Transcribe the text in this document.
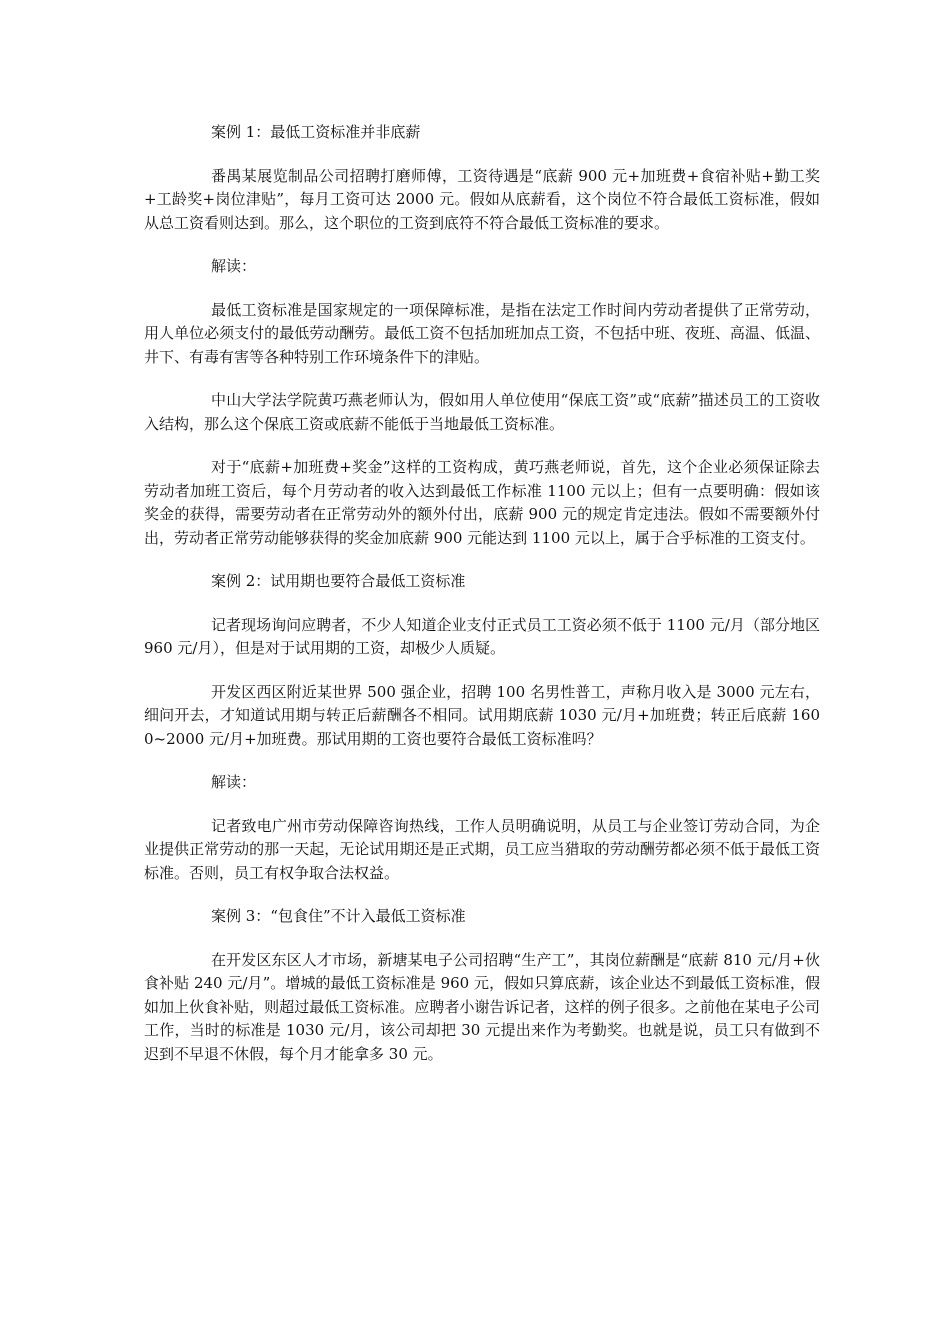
案例 1：最低工资标准并非底薪

番禺某展览制品公司招聘打磨师傅，工资待遇是“底薪 900 元+加班费+食宿补贴+勤工奖+工龄奖+岗位津贴”，每月工资可达 2000 元。假如从底薪看，这个岗位不符合最低工资标准，假如从总工资看则达到。那么，这个职位的工资到底符不符合最低工资标准的要求。

解读：

最低工资标准是国家规定的一项保障标准，是指在法定工作时间内劳动者提供了正常劳动，用人单位必须支付的最低劳动酬劳。最低工资不包括加班加点工资，不包括中班、夜班、高温、低温、井下、有毒有害等各种特别工作环境条件下的津贴。

中山大学法学院黄巧燕老师认为，假如用人单位使用“保底工资”或“底薪”描述员工的工资收入结构，那么这个保底工资或底薪不能低于当地最低工资标准。

对于“底薪+加班费+奖金”这样的工资构成，黄巧燕老师说，首先，这个企业必须保证除去劳动者加班工资后，每个月劳动者的收入达到最低工作标准 1100 元以上；但有一点要明确：假如该奖金的获得，需要劳动者在正常劳动外的额外付出，底薪 900 元的规定肯定违法。假如不需要额外付出，劳动者正常劳动能够获得的奖金加底薪 900 元能达到 1100 元以上，属于合乎标准的工资支付。

案例 2：试用期也要符合最低工资标准

记者现场询问应聘者，不少人知道企业支付正式员工工资必须不低于 1100 元/月（部分地区 960 元/月），但是对于试用期的工资，却极少人质疑。

开发区西区附近某世界 500 强企业，招聘 100 名男性普工，声称月收入是 3000 元左右，细问开去，才知道试用期与转正后薪酬各不相同。试用期底薪 1030 元/月+加班费；转正后底薪 1600~2000 元/月+加班费。那试用期的工资也要符合最低工资标准吗？

解读：

记者致电广州市劳动保障咨询热线，工作人员明确说明，从员工与企业签订劳动合同，为企业提供正常劳动的那一天起，无论试用期还是正式期，员工应当猎取的劳动酬劳都必须不低于最低工资标准。否则，员工有权争取合法权益。

案例 3：“包食住”不计入最低工资标准

在开发区东区人才市场，新塘某电子公司招聘“生产工”，其岗位薪酬是“底薪 810 元/月+伙食补贴 240 元/月”。增城的最低工资标准是 960 元，假如只算底薪，该企业达不到最低工资标准，假如加上伙食补贴，则超过最低工资标准。应聘者小谢告诉记者，这样的例子很多。之前他在某电子公司工作，当时的标准是 1030 元/月，该公司却把 30 元提出来作为考勤奖。也就是说，员工只有做到不迟到不早退不休假，每个月才能拿多 30 元。
